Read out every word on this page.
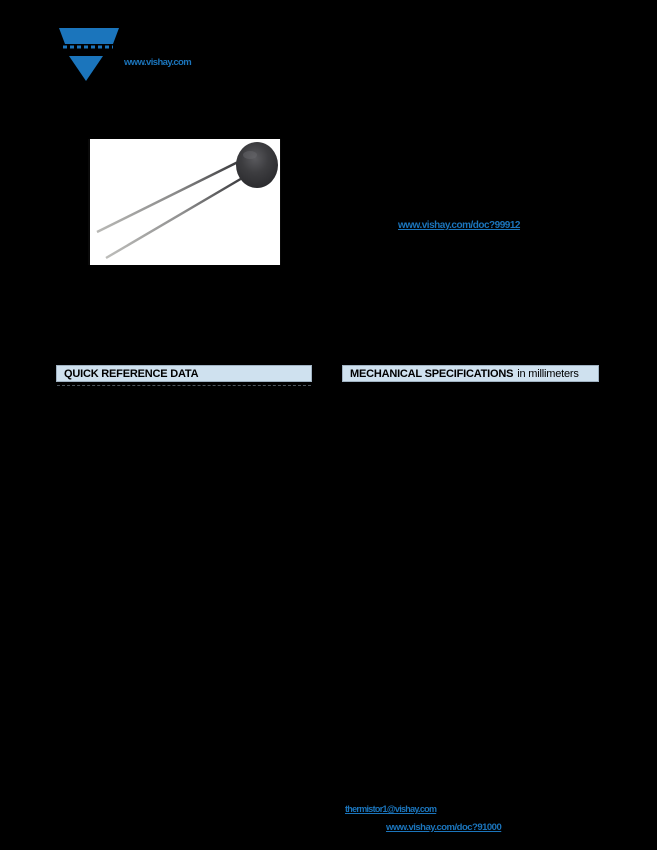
www.vishay.com
www.vishay.com/doc?99912
QUICK REFERENCE DATA	MECHANICAL SPECIFICATIONS in millimeters
thermistor1@vishay.com
www.vishay.com/doc?91000
